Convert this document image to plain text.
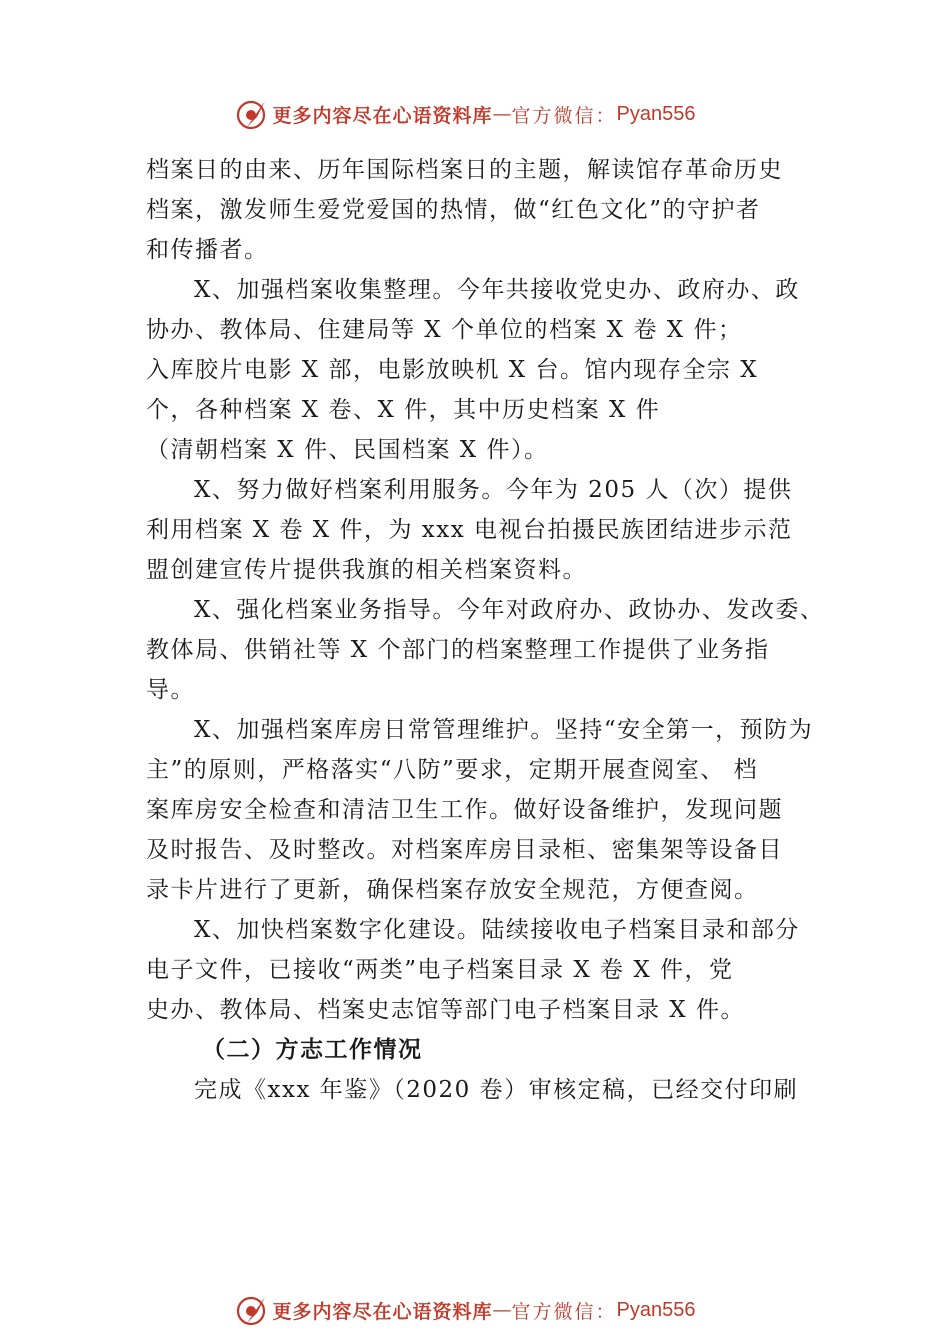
更多内容尽在心语资料库 — 官方微信： Pyan556
档案日的由来、历年国际档案日的主题，解读馆存革命历史
档案，激发师生爱党爱国的热情，做“红色文化”的守护者
和传播者。
X、加强档案收集整理。今年共接收党史办、政府办、政
协办、教体局、住建局等 X 个单位的档案 X 卷 X 件；
入库胶片电影 X 部，电影放映机 X 台。馆内现存全宗 X
个，各种档案 X 卷、X 件，其中历史档案 X 件
（清朝档案 X 件、民国档案 X 件）。
X、努力做好档案利用服务。今年为 205 人（次）提供
利用档案 X 卷 X 件，为 xxx 电视台拍摄民族团结进步示范
盟创建宣传片提供我旗的相关档案资料。
X、强化档案业务指导。今年对政府办、政协办、发改委、
教体局、供销社等 X 个部门的档案整理工作提供了业务指
导。
X、加强档案库房日常管理维护。坚持“安全第一，预防为
主”的原则，严格落实“八防”要求，定期开展查阅室、 档
案库房安全检查和清洁卫生工作。做好设备维护，发现问题
及时报告、及时整改。对档案库房目录柜、密集架等设备目
录卡片进行了更新，确保档案存放安全规范，方便查阅。
X、加快档案数字化建设。陆续接收电子档案目录和部分
电子文件，已接收“两类”电子档案目录 X 卷 X 件，党
史办、教体局、档案史志馆等部门电子档案目录 X 件。
（二）方志工作情况
完成《xxx 年鉴》（2020 卷）审核定稿，已经交付印刷
更多内容尽在心语资料库 — 官方微信： Pyan556
